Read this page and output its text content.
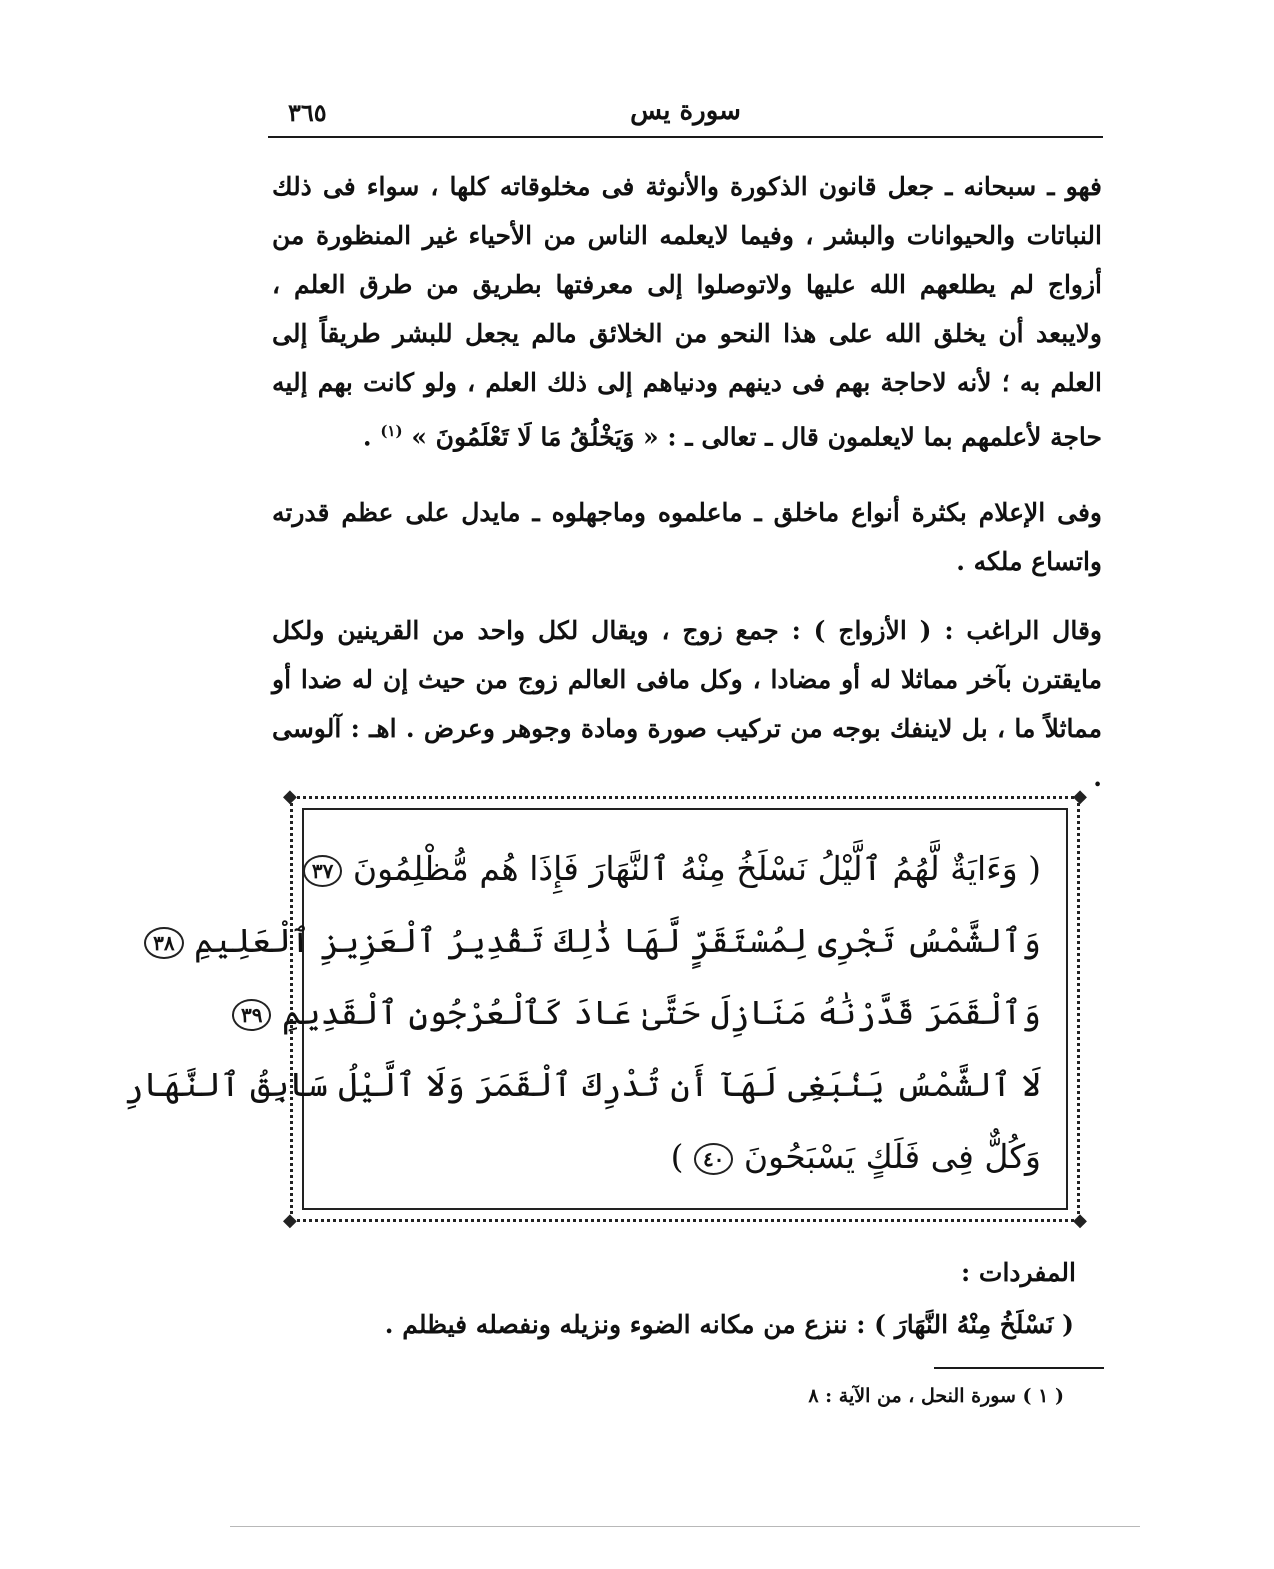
سورة يس
٣٦٥
فهو ـ سبحانه ـ جعل قانون الذكورة والأنوثة فى مخلوقاته كلها ، سواء فى ذلك النباتات والحيوانات والبشر ، وفيما لايعلمه الناس من الأحياء غير المنظورة من أزواج لم يطلعهم الله عليها ولاتوصلوا إلى معرفتها بطريق من طرق العلم ، ولايبعد أن يخلق الله على هذا النحو من الخلائق مالم يجعل للبشر طريقاً إلى العلم به ؛ لأنه لاحاجة بهم فى دينهم ودنياهم إلى ذلك العلم ، ولو كانت بهم إليه حاجة لأعلمهم بما لايعلمون قال ـ تعالى ـ : « وَيَخْلُقُ مَا لَا تَعْلَمُونَ » $^{(١)}$ .
وفى الإعلام بكثرة أنواع ماخلق ـ ماعلموه وماجهلوه ـ مايدل على عظم قدرته واتساع ملكه .
وقال الراغب : ( الأزواج ) : جمع زوج ، ويقال لكل واحد من القرينين ولكل مايقترن بآخر مماثلا له أو مضادا ، وكل مافى العالم زوج من حيث إن له ضدا أو مماثلاً ما ، بل لاينفك بوجه من تركيب صورة ومادة وجوهر وعرض . اهـ : آلوسى .
◆	◆
◆	◆
( وَءَايَةٌ لَّهُمُ ٱلَّيْلُ نَسْلَخُ مِنْهُ ٱلنَّهَارَ فَإِذَا هُم مُّظْلِمُونَ ٣٧
وَٱلشَّمْسُ تَجْرِى لِمُسْتَقَرٍّ لَّهَا ذَٰلِكَ تَقْدِيرُ ٱلْعَزِيزِ ٱلْعَلِيمِ ٣٨
وَٱلْقَمَرَ قَدَّرْنَٰهُ مَنَازِلَ حَتَّىٰ عَادَ كَٱلْعُرْجُونِ ٱلْقَدِيمِ ٣٩
لَا ٱلشَّمْسُ يَنۢبَغِى لَهَآ أَن تُدْرِكَ ٱلْقَمَرَ وَلَا ٱلَّيْلُ سَابِقُ ٱلنَّهَارِ
وَكُلٌّ فِى فَلَكٍ يَسْبَحُونَ ٤٠ )
المفردات :
( نَسْلَخُ مِنْهُ النَّهَارَ ) : ننزع من مكانه الضوء ونزيله ونفصله فيظلم .
( ١ ) سورة النحل ، من الآية : ٨
